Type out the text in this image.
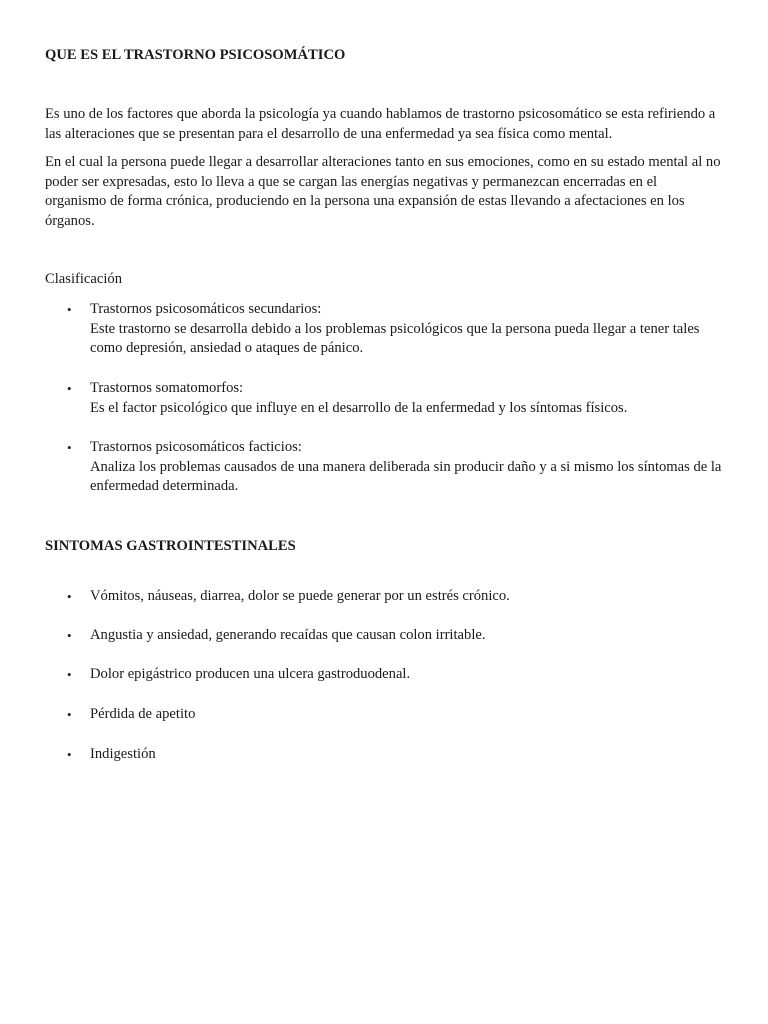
QUE ES EL TRASTORNO PSICOSOMÁTICO

Es uno de los factores que aborda la psicología ya cuando hablamos de trastorno psicosomático se esta refiriendo a las alteraciones que se presentan para el desarrollo de una enfermedad ya sea física como mental.

En el cual la persona puede llegar a desarrollar alteraciones tanto en sus emociones, como en su estado mental al no poder ser expresadas, esto lo lleva a que se cargan las energías negativas y permanezcan encerradas en el organismo de forma crónica, produciendo en la persona una expansión de estas llevando a afectaciones en los órganos.

Clasificación

• Trastornos psicosomáticos secundarios:
Este trastorno se desarrolla debido a los problemas psicológicos que la persona pueda llegar a tener tales como depresión, ansiedad o ataques de pánico.
• Trastornos somatomorfos:
Es el factor psicológico que influye en el desarrollo de la enfermedad y los síntomas físicos.
• Trastornos psicosomáticos facticios:
Analiza los problemas causados de una manera deliberada sin producir daño y a si mismo los síntomas de la enfermedad determinada.
SINTOMAS GASTROINTESTINALES
• Vómitos, náuseas, diarrea, dolor se puede generar por un estrés crónico.
• Angustia y ansiedad, generando recaídas que causan colon irritable.
• Dolor epigástrico producen una ulcera gastroduodenal.
• Pérdida de apetito
• Indigestión
